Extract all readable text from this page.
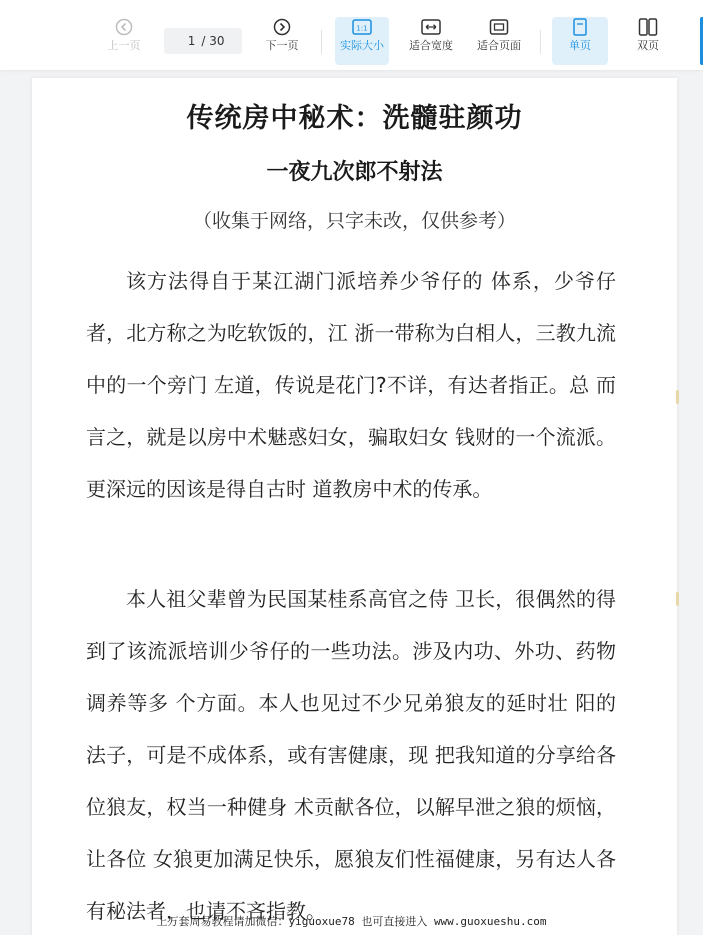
上一页
1	/ 30	下一页
1:1
实际大小 适合宽度 适合页面	单页	双页
传统房中秘术：洗髓驻颜功
一夜九次郎不射法
（收集于网络，只字未改，仅供参考）
该方法得自于某江湖门派培养少爷仔的 体系，少爷仔者，北方称之为吃软饭的，江 浙一带称为白相人，三教九流中的一个旁门 左道，传说是花门?不详，有达者指正。总 而言之，就是以房中术魅惑妇女，骗取妇女 钱财的一个流派。更深远的因该是得自古时 道教房中术的传承。
本人祖父辈曾为民国某桂系高官之侍 卫长，很偶然的得到了该流派培训少爷仔的一些功法。涉及内功、外功、药物调养等多 个方面。本人也见过不少兄弟狼友的延时壮 阳的法子，可是不成体系，或有害健康，现 把我知道的分享给各位狼友，权当一种健身 术贡献各位，以解早泄之狼的烦恼，让各位 女狼更加满足快乐，愿狼友们性福健康，另有达人各有秘法者，也请不吝指教。
上万套周易教程请加微信：yiguoxue78 也可直接进入 www.guoxueshu.com
